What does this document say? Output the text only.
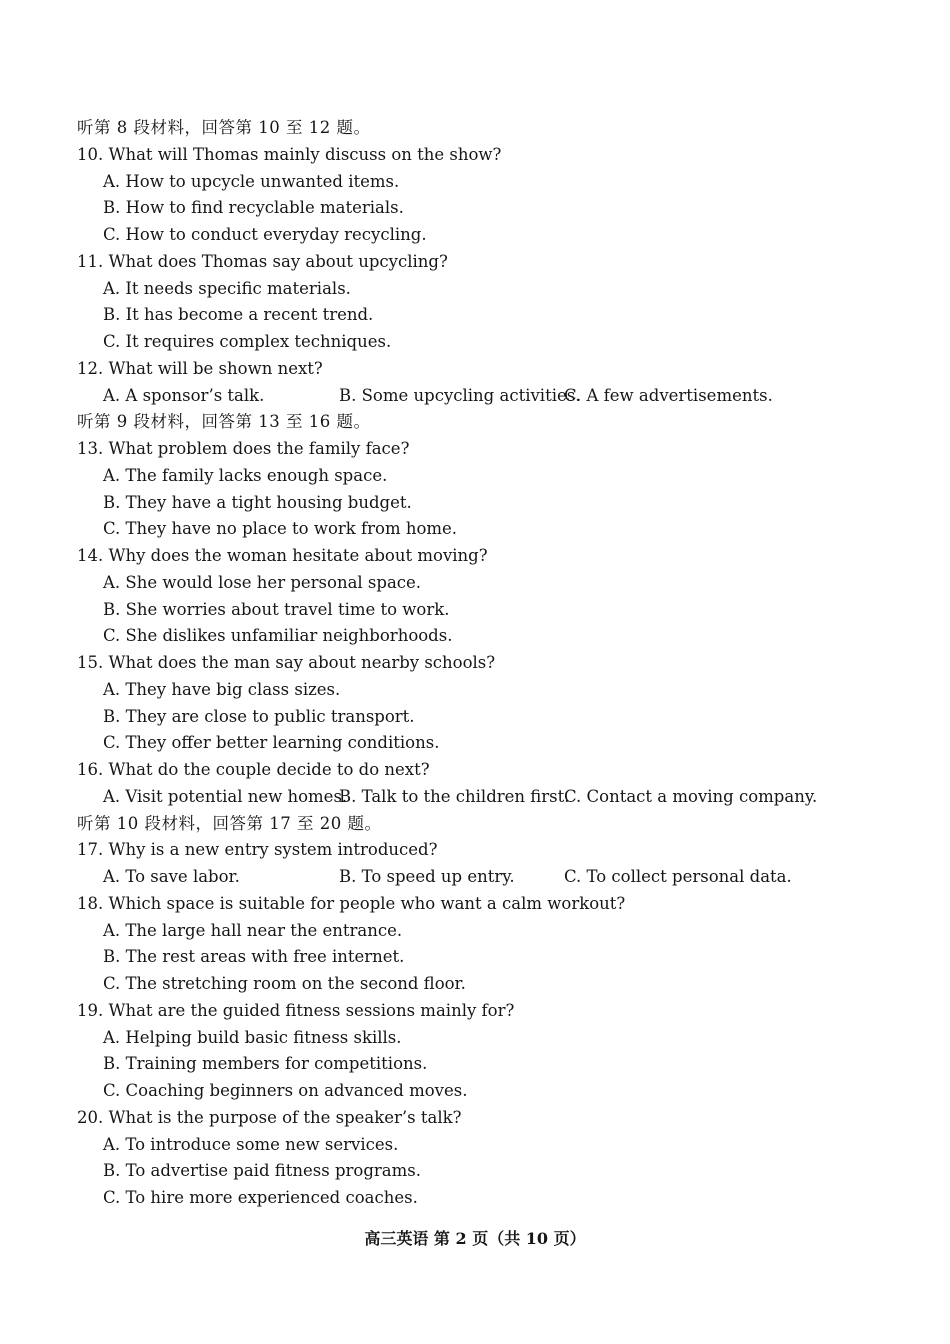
听第 8 段材料，回答第 10 至 12 题。
10. What will Thomas mainly discuss on the show?
A. How to upcycle unwanted items.
B. How to find recyclable materials.
C. How to conduct everyday recycling.
11. What does Thomas say about upcycling?
A. It needs specific materials.
B. It has become a recent trend.
C. It requires complex techniques.
12. What will be shown next?
A. A sponsor’s talk.	B. Some upcycling activities.
C. A few advertisements.
听第 9 段材料，回答第 13 至 16 题。
13. What problem does the family face?
A. The family lacks enough space.
B. They have a tight housing budget.
C. They have no place to work from home.
14. Why does the woman hesitate about moving?
A. She would lose her personal space.
B. She worries about travel time to work.
C. She dislikes unfamiliar neighborhoods.
15. What does the man say about nearby schools?
A. They have big class sizes.
B. They are close to public transport.
C. They offer better learning conditions.
16. What do the couple decide to do next?
A. Visit potential new homes.
B. Talk to the children first.
C. Contact a moving company.
听第 10 段材料，回答第 17 至 20 题。
17. Why is a new entry system introduced?
A. To save labor.	B. To speed up entry.	C. To collect personal data.
18. Which space is suitable for people who want a calm workout?
A. The large hall near the entrance.
B. The rest areas with free internet.
C. The stretching room on the second floor.
19. What are the guided fitness sessions mainly for?
A. Helping build basic fitness skills.
B. Training members for competitions.
C. Coaching beginners on advanced moves.
20. What is the purpose of the speaker’s talk?
A. To introduce some new services.
B. To advertise paid fitness programs.
C. To hire more experienced coaches.
高三英语 第 2 页（共 10 页）
